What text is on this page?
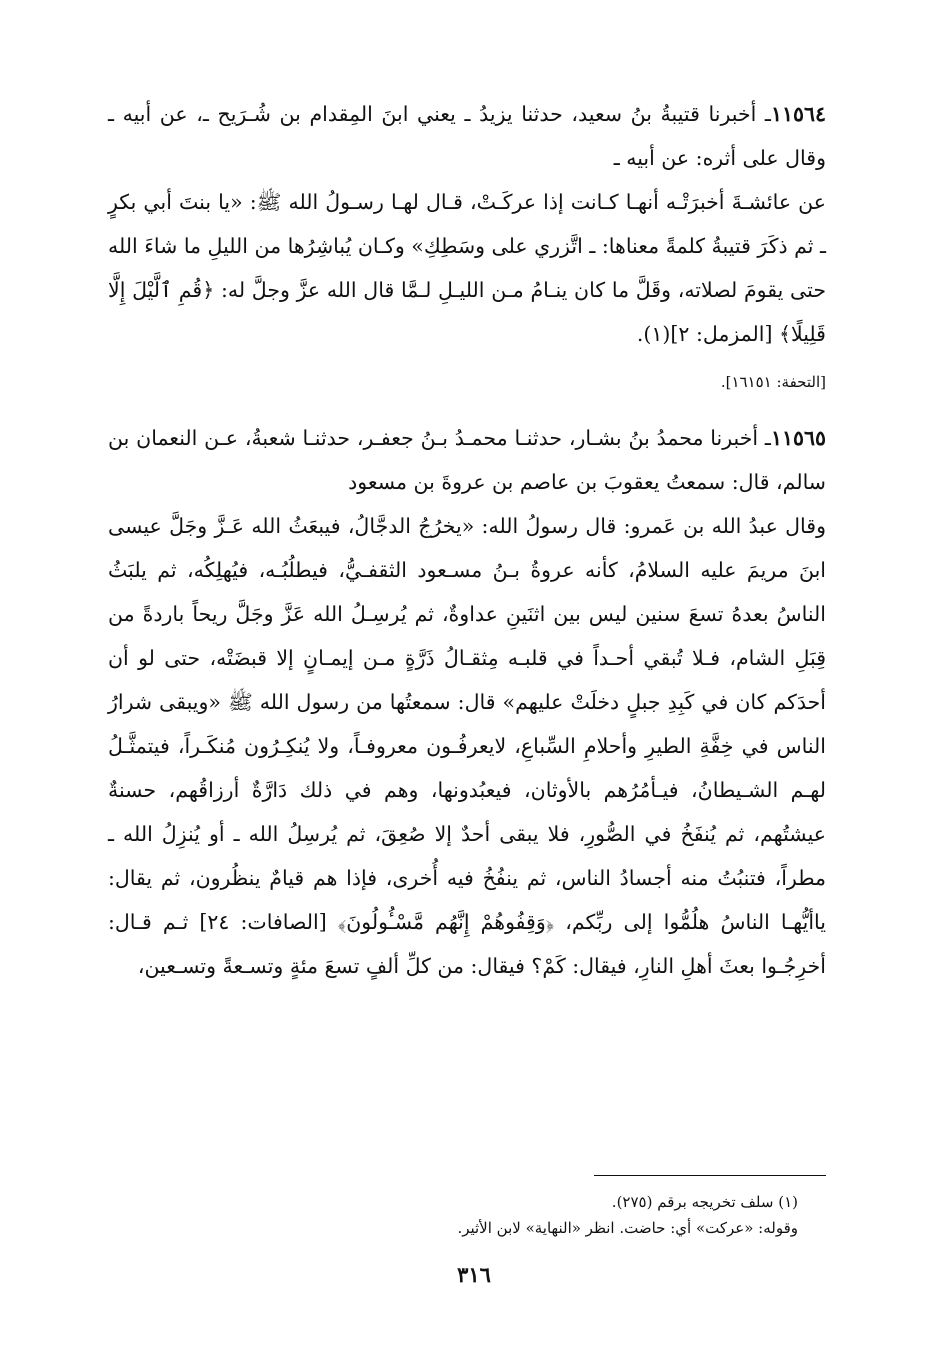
١١٥٦٤ـ أخبرنا قتيبةُ بنُ سعيد، حدثنا يزيدُ ـ يعني ابنَ المِقدام بن شُـرَيح ـ، عن أبيه ـ وقال على أثره: عن أبيه ـ

عن عائشـةَ أخبرَتْـه أنهـا كـانت إذا عركَـتْ، قـال لهـا رسـولُ الله ﷺ: «يا بنتَ أبي بكرٍ ـ ثم ذكَرَ قتيبةُ كلمةً معناها: ـ اتَّزري على وسَطِكِ» وكـان يُباشِرُها من الليلِ ما شاءَ الله حتى يقومَ لصلاته، وقَلَّ ما كان ينـامُ مـن الليـلِ لـمَّا قال الله عزَّ وجلَّ له: ﴿قُمِ ٱلَّيْلَ إِلَّا قَلِيلًا﴾ [المزمل: ٢](١).

[التحفة: ١٦١٥١].

١١٥٦٥ـ أخبرنا محمدُ بنُ بشـار، حدثنـا محمـدُ بـنُ جعفـر، حدثنـا شعبةُ، عـن النعمان بن سالم، قال: سمعتُ يعقوبَ بن عاصم بن عروةَ بن مسعود

وقال عبدُ الله بن عَمرو: قال رسولُ الله: «يخرُجُ الدجَّالُ، فيبعَثُ الله عَـزَّ وجَلَّ عيسى ابنَ مريمَ عليه السلامُ، كأنه عروةُ بـنُ مسـعود الثقفـيُّ، فيطلُبُـه، فيُهلِكُه، ثم يلبَثُ الناسُ بعدهُ تسعَ سنين ليس بين اثنَينِ عداوةٌ، ثم يُرسِـلُ الله عَزَّ وجَلَّ ريحاً باردةً من قِبَلِ الشام، فـلا تُبقي أحـداً في قلبـه مِثقـالُ ذَرَّةٍ مـن إيمـانٍ إلا قبضَتْه، حتى لو أن أحدَكم كان في كَبِدِ جبلٍ دخلَتْ عليهم» قال: سمعتُها من رسول الله ﷺ «ويبقى شرارُ الناس في خِفَّةِ الطيرِ وأحلامِ السِّباعِ، لايعرفُـون معروفـاً، ولا يُنكِـرُون مُنكَـراً، فيتمثَّـلُ لهـم الشـيطانُ، فيـأمُرُهم بالأوثان، فيعبُدونها، وهم في ذلك دَارَّةٌ أرزاقُهم، حسنةٌ عيشتُهم، ثم يُنفَخُ في الصُّورِ، فلا يبقى أحدٌ إلا صُعِقَ، ثم يُرسِلُ الله ـ أو يُنزِلُ الله ـ مطراً، فتنبُتُ منه أجسادُ الناس، ثم ينفُخُ فيه أُخرى، فإذا هم قيامٌ ينظُرون، ثم يقال: ياأيُّهـا الناسُ هلُمُّوا إلى ربِّكم، ﴿وَقِفُوهُمْ إِنَّهُم مَّسْـُٔولُونَ﴾ [الصافات: ٢٤] ثـم قـال: أخرِجُـوا بعثَ أهلِ النارِ، فيقال: كَمْ؟ فيقال: من كلِّ ألفٍ تسعَ مئةٍ وتسـعةً وتسـعين،

(١) سلف تخريجه برقم (٢٧٥).

وقوله: «عركت» أي: حاضت. انظر «النهاية» لابن الأثير.

٣١٦
